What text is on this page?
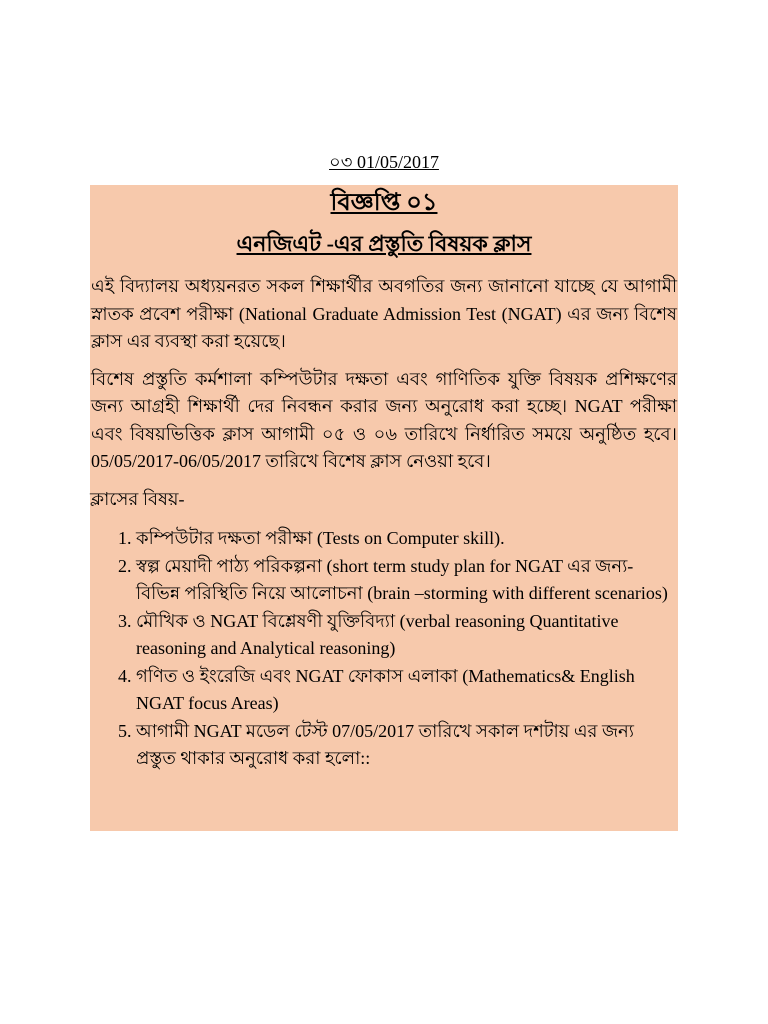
০৩ 01/05/2017
বিজ্ঞপ্তি ০১
এনজিএট -এর প্রস্তুতি বিষয়ক ক্লাস

এই বিদ্যালয় অধ্যয়নরত সকল শিক্ষার্থীর অবগতির জন্য জানানো যাচ্ছে যে আগামী স্নাতক প্রবেশ পরীক্ষা (National Graduate Admission Test (NGAT) এর জন্য বিশেষ ক্লাস এর ব্যবস্থা করা হয়েছে।

বিশেষ প্রস্তুতি কর্মশালা কম্পিউটার দক্ষতা এবং গাণিতিক যুক্তি বিষয়ক প্রশিক্ষণের জন্য আগ্রহী শিক্ষার্থী দের নিবন্ধন করার জন্য অনুরোধ করা হচ্ছে। NGAT পরীক্ষা এবং বিষয়ভিত্তিক ক্লাস আগামী ০৫ ও ০৬ তারিখে নির্ধারিত সময়ে অনুষ্ঠিত হবে। 05/05/2017-06/05/2017 তারিখে বিশেষ ক্লাস নেওয়া হবে।

ক্লাসের বিষয়-
1. কম্পিউটার দক্ষতা পরীক্ষা (Tests on Computer skill).
2. স্বল্প মেয়াদী পাঠ্য পরিকল্পনা (short term study plan for NGAT এর জন্য- বিভিন্ন পরিস্থিতি নিয়ে আলোচনা (brain –storming with different scenarios)
3. মৌখিক ও NGAT বিশ্লেষণী যুক্তিবিদ্যা (verbal reasoning Quantitative reasoning and Analytical reasoning)
4. গণিত ও ইংরেজি এবং NGAT ফোকাস এলাকা (Mathematics& English NGAT focus Areas)
5. আগামী NGAT মডেল টেস্ট 07/05/2017 তারিখে সকাল দশটায় এর জন্য প্রস্তুত থাকার অনুরোধ করা হলো::
